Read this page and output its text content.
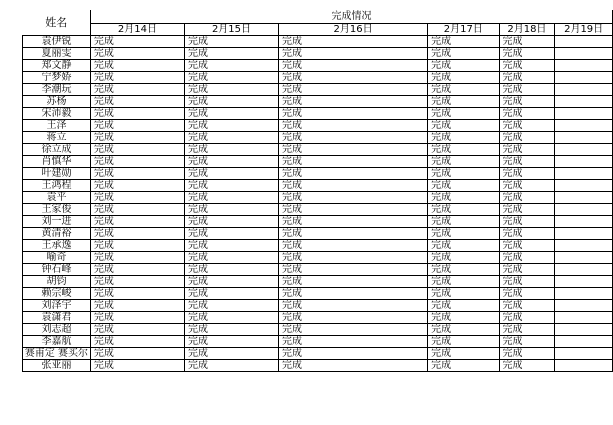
姓名	完成情况					
	2月14日	2月15日	2月16日	2月17日	2月18日	2月19日
袁伊锐	完成	完成	完成	完成	完成	
夏丽雯	完成	完成	完成	完成	完成	
郑文静	完成	完成	完成	完成	完成	
宁梦娇	完成	完成	完成	完成	完成	
李潮玩	完成	完成	完成	完成	完成	
苏杨	完成	完成	完成	完成	完成	
宋沛毅	完成	完成	完成	完成	完成	
王泽	完成	完成	完成	完成	完成	
蒋立	完成	完成	完成	完成	完成	
徐立成	完成	完成	完成	完成	完成	
肖慎华	完成	完成	完成	完成	完成	
叶建勋	完成	完成	完成	完成	完成	
王鸿程	完成	完成	完成	完成	完成	
袁平	完成	完成	完成	完成	完成	
王家俊	完成	完成	完成	完成	完成	
刘一进	完成	完成	完成	完成	完成	
黄清裕	完成	完成	完成	完成	完成	
王承逸	完成	完成	完成	完成	完成	
喻奇	完成	完成	完成	完成	完成	
钟石峰	完成	完成	完成	完成	完成	
胡钧	完成	完成	完成	完成	完成	
赖宗峻	完成	完成	完成	完成	完成	
刘泽宇	完成	完成	完成	完成	完成	
袁潇君	完成	完成	完成	完成	完成	
刘志超	完成	完成	完成	完成	完成	
李嘉航	完成	完成	完成	完成	完成	
赛甫定 赛买尔	完成	完成	完成	完成	完成	
张亚丽	完成	完成	完成	完成	完成	
